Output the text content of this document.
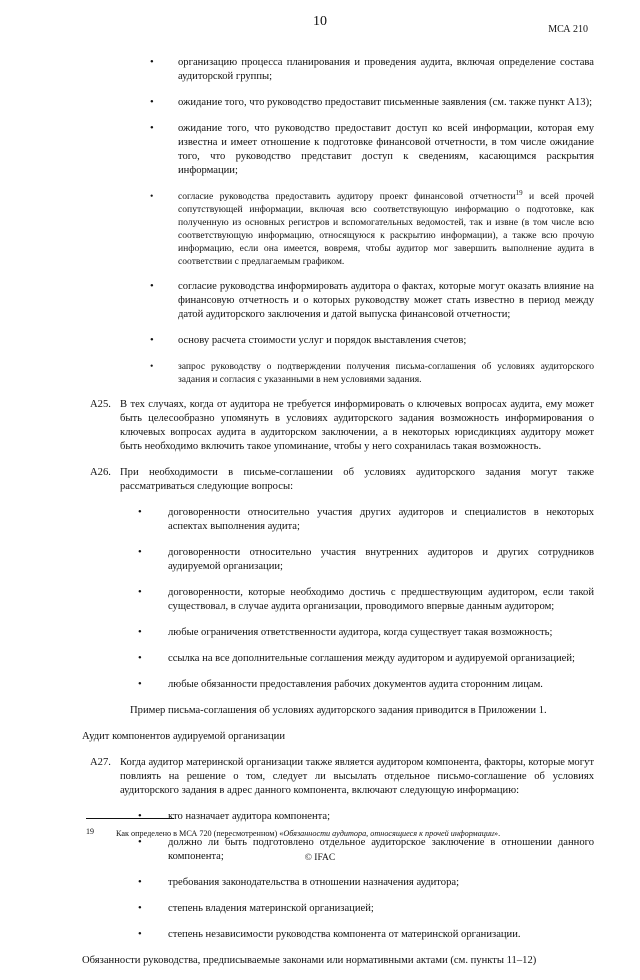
10
МСА 210
• организацию процесса планирования и проведения аудита, включая определение состава аудиторской группы;
• ожидание того, что руководство предоставит письменные заявления (см. также пункт А13);
• ожидание того, что руководство предоставит доступ ко всей информации, которая ему известна и имеет отношение к подготовке финансовой отчетности, в том числе ожидание того, что руководство представит доступ к сведениям, касающимся раскрытия информации;
•	согласие руководства предоставить аудитору проект финансовой отчетности$^{19}$ и всей прочей сопутствующей информации, включая всю соответствующую информацию о подготовке, как полученную из основных регистров и вспомогательных ведомостей, так и извне (в том числе всю соответствующую информацию, относящуюся к раскрытию информации), а также всю прочую информацию, если она имеется, вовремя, чтобы аудитор мог завершить выполнение аудита в соответствии с предлагаемым графиком.
• согласие руководства информировать аудитора о фактах, которые могут оказать влияние на финансовую отчетность и о которых руководству может стать известно в период между датой аудиторского заключения и датой выпуска финансовой отчетности;
• основу расчета стоимости услуг и порядок выставления счетов;
•	запрос руководству о подтверждении получения письма-соглашения об условиях аудиторского задания и согласия с указанными в нем условиями задания.
А25. В тех случаях, когда от аудитора не требуется информировать о ключевых вопросах аудита, ему может быть целесообразно упомянуть в условиях аудиторского задания возможность информирования о ключевых вопросах аудита в аудиторском заключении, а в некоторых юрисдикциях аудитору может быть необходимо включить такое упоминание, чтобы у него сохранилась такая возможность.
А26. При необходимости в письме-соглашении об условиях аудиторского задания могут также рассматриваться следующие вопросы:
• договоренности относительно участия других аудиторов и специалистов в некоторых аспектах выполнения аудита;
• договоренности относительно участия внутренних аудиторов и других сотрудников аудируемой организации;
• договоренности, которые необходимо достичь с предшествующим аудитором, если такой существовал, в случае аудита организации, проводимого впервые данным аудитором;
• любые ограничения ответственности аудитора, когда существует такая возможность;
• ссылка на все дополнительные соглашения между аудитором и аудируемой организацией;
• любые обязанности предоставления рабочих документов аудита сторонним лицам.
Пример письма-соглашения об условиях аудиторского задания приводится в Приложении 1.
Аудит компонентов аудируемой организации
А27. Когда аудитор материнской организации также является аудитором компонента, факторы, которые могут повлиять на решение о том, следует ли высылать отдельное письмо-соглашение об условиях аудиторского задания в адрес данного компонента, включают следующую информацию:
• кто назначает аудитора компонента;
• должно ли быть подготовлено отдельное аудиторское заключение в отношении данного компонента;
• требования законодательства в отношении назначения аудитора;
• степень владения материнской организацией;
• степень независимости руководства компонента от материнской организации.
Обязанности руководства, предписываемые законами или нормативными актами (см. пункты 11–12)
19	Как определено в МСА 720 (пересмотренном) «Обязанности аудитора, относящиеся к прочей информации».
© IFAC
